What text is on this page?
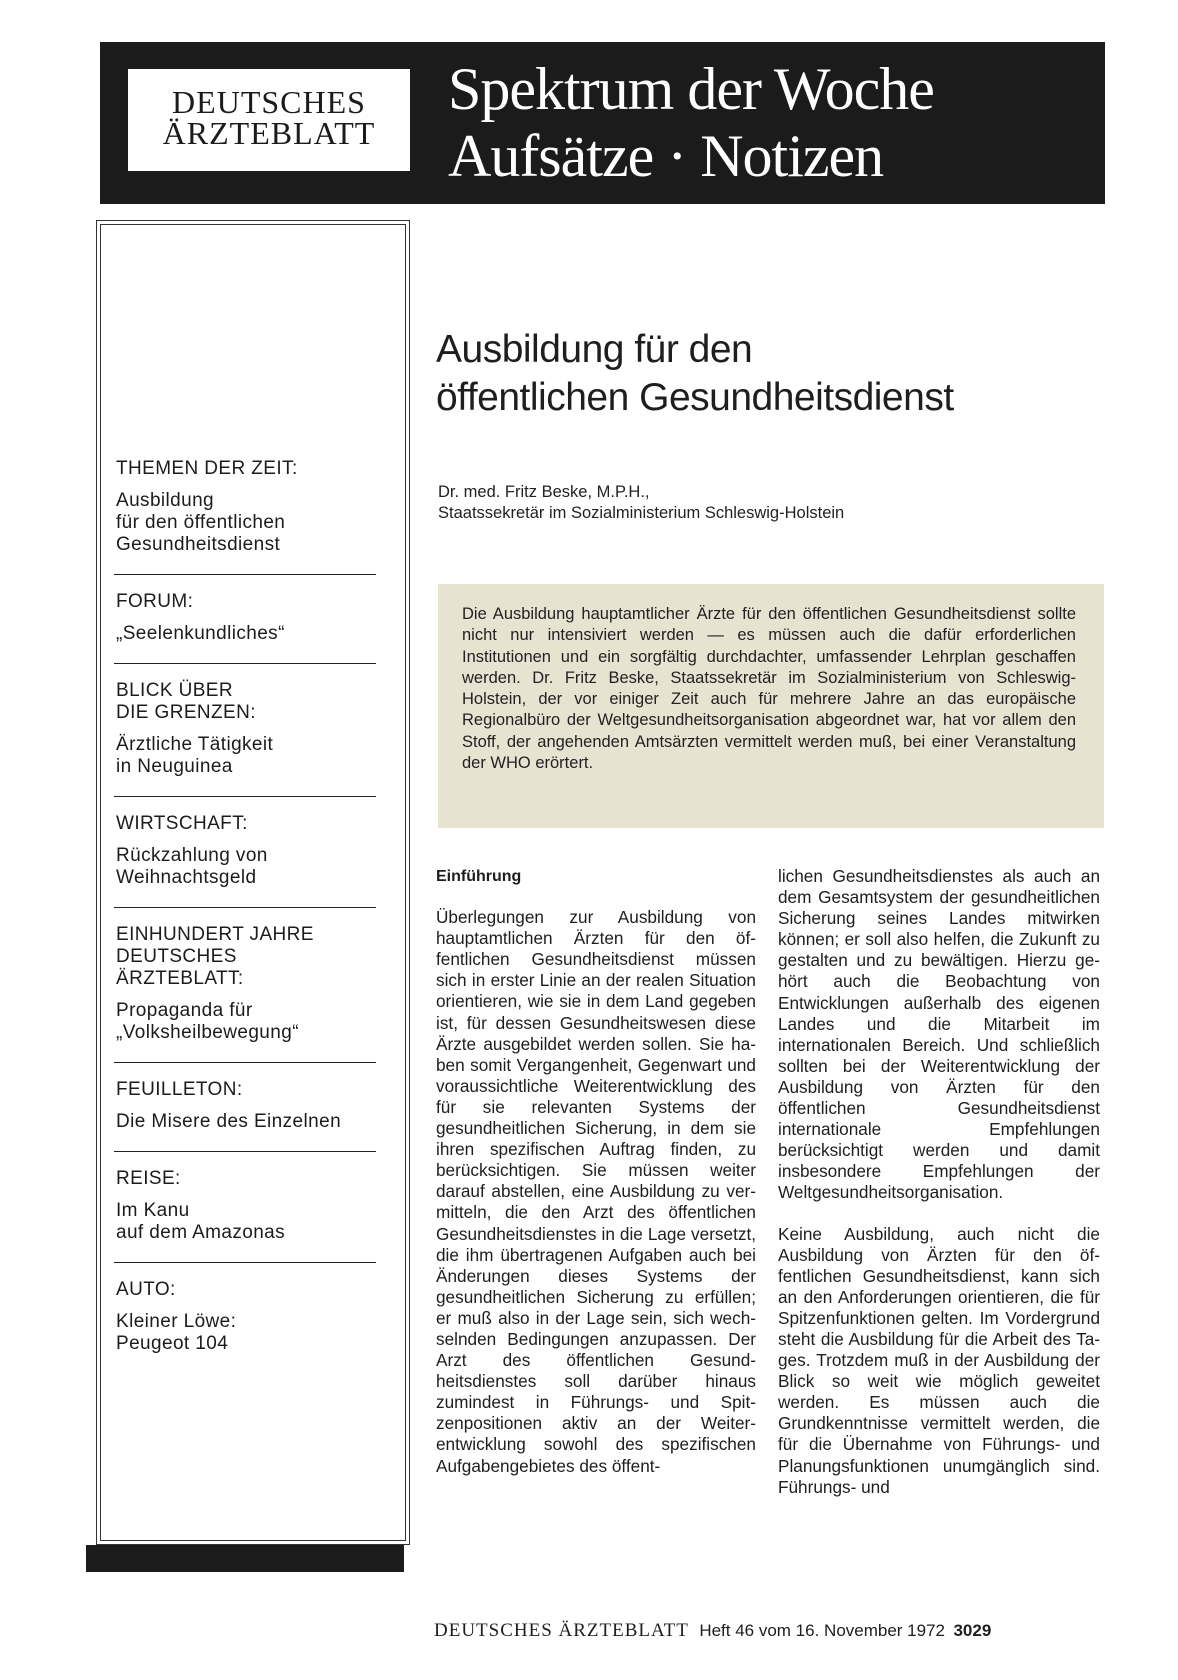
DEUTSCHES
ÄRZTEBLATT
Spektrum der Woche
Aufsätze · Notizen
THEMEN DER ZEIT:
Ausbildung
für den öffentlichen
Gesundheitsdienst
FORUM:
„Seelenkundliches“
BLICK ÜBER
DIE GRENZEN:
Ärztliche Tätigkeit
in Neuguinea
WIRTSCHAFT:
Rückzahlung von
Weihnachtsgeld
EINHUNDERT JAHRE
DEUTSCHES
ÄRZTEBLATT:
Propaganda für
„Volksheilbewegung“
FEUILLETON:
Die Misere des Einzelnen
REISE:
Im Kanu
auf dem Amazonas
AUTO:
Kleiner Löwe:
Peugeot 104
Ausbildung für den
öffentlichen Gesundheitsdienst
Dr. med. Fritz Beske, M.P.H.,
Staatssekretär im Sozialministerium Schleswig-Holstein
Die Ausbildung hauptamtlicher Ärzte für den öffentlichen Gesundheitsdienst sollte nicht nur intensiviert werden — es müssen auch die dafür erforderlichen Institutionen und ein sorgfältig durchdachter, umfassender Lehrplan geschaffen werden. Dr. Fritz Beske, Staatssekretär im Sozialministerium von Schleswig-Holstein, der vor einiger Zeit auch für mehrere Jahre an das europäische Regionalbüro der Weltgesundheitsorganisation abgeordnet war, hat vor allem den Stoff, der angehenden Amtsärzten vermittelt werden muß, bei einer Veranstaltung der WHO erörtert.
Einführung
Überlegungen zur Ausbildung von hauptamtlichen Ärzten für den öffentlichen Gesundheitsdienst müssen sich in erster Linie an der realen Situation orientieren, wie sie in dem Land gegeben ist, für dessen Gesundheitswesen diese Ärzte ausgebildet werden sollen. Sie haben somit Vergangenheit, Gegenwart und voraussichtliche Weiterentwicklung des für sie relevanten Systems der gesundheitlichen Sicherung, in dem sie ihren spezifischen Auftrag finden, zu berücksichtigen. Sie müssen weiter darauf abstellen, eine Ausbildung zu vermitteln, die den Arzt des öffentlichen Gesundheitsdienstes in die Lage versetzt, die ihm übertragenen Aufgaben auch bei Änderungen dieses Systems der gesundheitlichen Sicherung zu erfüllen; er muß also in der Lage sein, sich wechselnden Bedingungen anzupassen. Der Arzt des öffentlichen Gesundheitsdienstes soll darüber hinaus zumindest in Führungs- und Spitzenpositionen aktiv an der Weiterentwicklung sowohl des spezifischen Aufgabengebietes des öffent-
lichen Gesundheitsdienstes als auch an dem Gesamtsystem der gesundheitlichen Sicherung seines Landes mitwirken können; er soll also helfen, die Zukunft zu gestalten und zu bewältigen. Hierzu gehört auch die Beobachtung von Entwicklungen außerhalb des eigenen Landes und die Mitarbeit im internationalen Bereich. Und schließlich sollten bei der Weiterentwicklung der Ausbildung von Ärzten für den öffentlichen Gesundheitsdienst internationale Empfehlungen berücksichtigt werden und damit insbesondere Empfehlungen der Weltgesundheitsorganisation.
Keine Ausbildung, auch nicht die Ausbildung von Ärzten für den öffentlichen Gesundheitsdienst, kann sich an den Anforderungen orientieren, die für Spitzenfunktionen gelten. Im Vordergrund steht die Ausbildung für die Arbeit des Tages. Trotzdem muß in der Ausbildung der Blick so weit wie möglich geweitet werden. Es müssen auch die Grundkenntnisse vermittelt werden, die für die Übernahme von Führungs- und Planungsfunktionen unumgänglich sind. Führungs- und
DEUTSCHES ÄRZTEBLATT Heft 46 vom 16. November 1972 3029
